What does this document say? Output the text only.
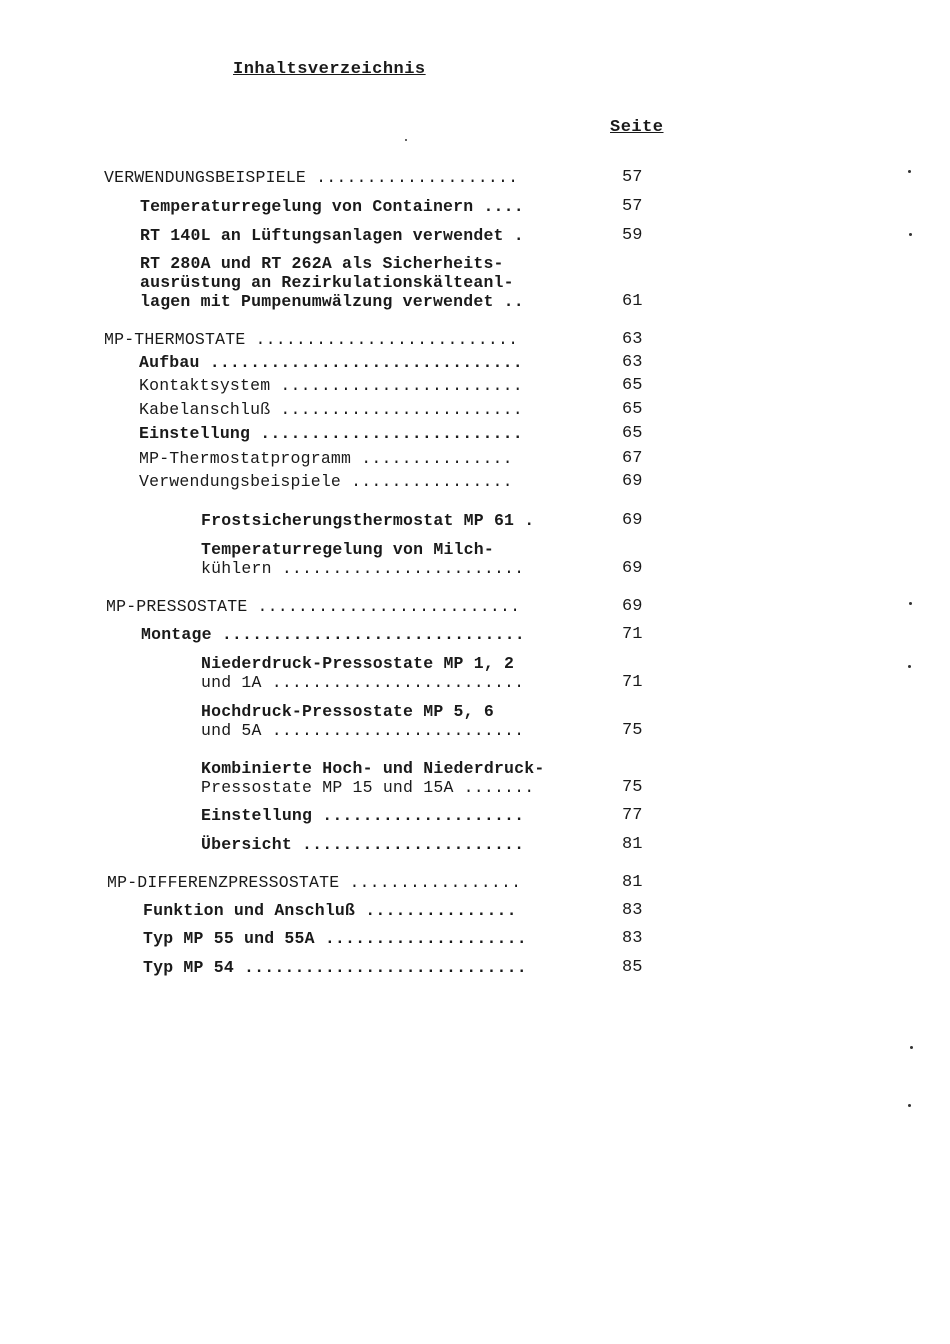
Inhaltsverzeichnis
Seite
VERWENDUNGSBEISPIELE ....................	57
Temperaturregelung von Containern ....	57
RT 140L an Lüftungsanlagen verwendet .	59
RT 280A und RT 262A als Sicherheits-
ausrüstung an Rezirkulationskälteanl-
lagen mit Pumpenumwälzung verwendet ..	61
MP-THERMOSTATE ..........................	63
Aufbau ...............................	63
Kontaktsystem ........................	65
Kabelanschluß ........................	65
Einstellung ..........................	65
MP-Thermostatprogramm ...............	67
Verwendungsbeispiele ................	69
Frostsicherungsthermostat MP 61 .	69
Temperaturregelung von Milch-
kühlern ........................	69
MP-PRESSOSTATE ..........................	69
Montage ..............................	71
Niederdruck-Pressostate MP 1, 2
und 1A .........................	71
Hochdruck-Pressostate MP 5, 6
und 5A .........................	75
Kombinierte Hoch- und Niederdruck-
Pressostate MP 15 und 15A .......	75
Einstellung ....................	77
Übersicht ......................	81
MP-DIFFERENZPRESSOSTATE .................	81
Funktion und Anschluß ...............	83
Typ MP 55 und 55A ....................	83
Typ MP 54 ............................	85
